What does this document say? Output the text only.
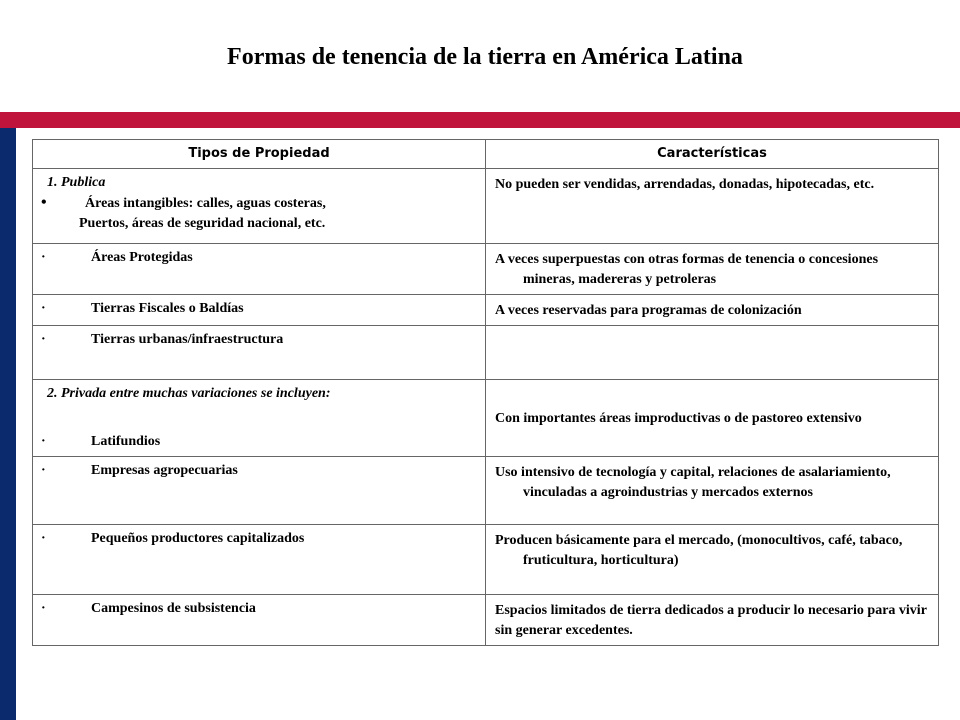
Formas de tenencia de la tierra en América Latina
Tipos de Propiedad	Características

1. Publica
• Áreas intangibles: calles, aguas costeras,
Puertos, áreas de seguridad nacional, etc.	No pueden ser vendidas, arrendadas, donadas, hipotecadas, etc.

· Áreas Protegidas	A veces superpuestas con otras formas de tenencia o concesiones mineras, madereras y petroleras

· Tierras Fiscales o Baldías	A veces reservadas para programas de colonización

· Tierras urbanas/infraestructura	

2. Privada entre muchas variaciones se incluyen:
· Latifundios	Con importantes áreas improductivas o de pastoreo extensivo

· Empresas agropecuarias	Uso intensivo de tecnología y capital, relaciones de asalariamiento, vinculadas a agroindustrias y mercados externos

· Pequeños productores capitalizados	Producen básicamente para el mercado, (monocultivos, café, tabaco, fruticultura, horticultura)

· Campesinos de subsistencia	Espacios limitados de tierra dedicados a producir lo necesario para vivir sin generar excedentes.
